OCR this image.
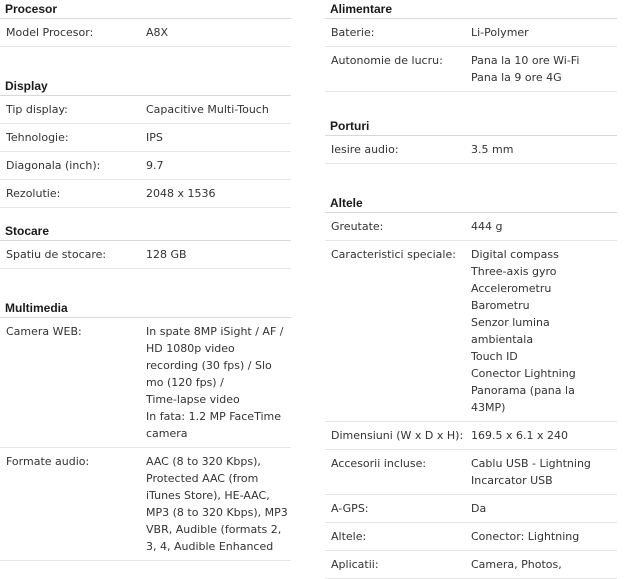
Procesor
Model Procesor:	A8X
Display
Tip display:	Capacitive Multi-Touch
Tehnologie:	IPS
Diagonala (inch):	9.7
Rezolutie:	2048 x 1536
Stocare
Spatiu de stocare:	128 GB
Multimedia
Camera WEB:	In spate 8MP iSight / AF /
HD 1080p video
recording (30 fps) / Slo
mo (120 fps) /
Time-lapse video
In fata: 1.2 MP FaceTime
camera
Formate audio:	AAC (8 to 320 Kbps),
Protected AAC (from
iTunes Store), HE-AAC,
MP3 (8 to 320 Kbps), MP3
VBR, Audible (formats 2,
3, 4, Audible Enhanced
Alimentare
Baterie:	Li-Polymer
Autonomie de lucru:	Pana la 10 ore Wi-Fi
Pana la 9 ore 4G
Porturi
Iesire audio:	3.5 mm
Altele
Greutate:	444 g
Caracteristici speciale:	Digital compass
Three-axis gyro
Accelerometru
Barometru
Senzor lumina
ambientala
Touch ID
Conector Lightning
Panorama (pana la
43MP)
Dimensiuni (W x D x H): 169.5 x 6.1 x 240
Accesorii incluse:	Cablu USB - Lightning
Incarcator USB
A-GPS:	Da
Altele:	Conector: Lightning
Aplicatii:	Camera, Photos,
